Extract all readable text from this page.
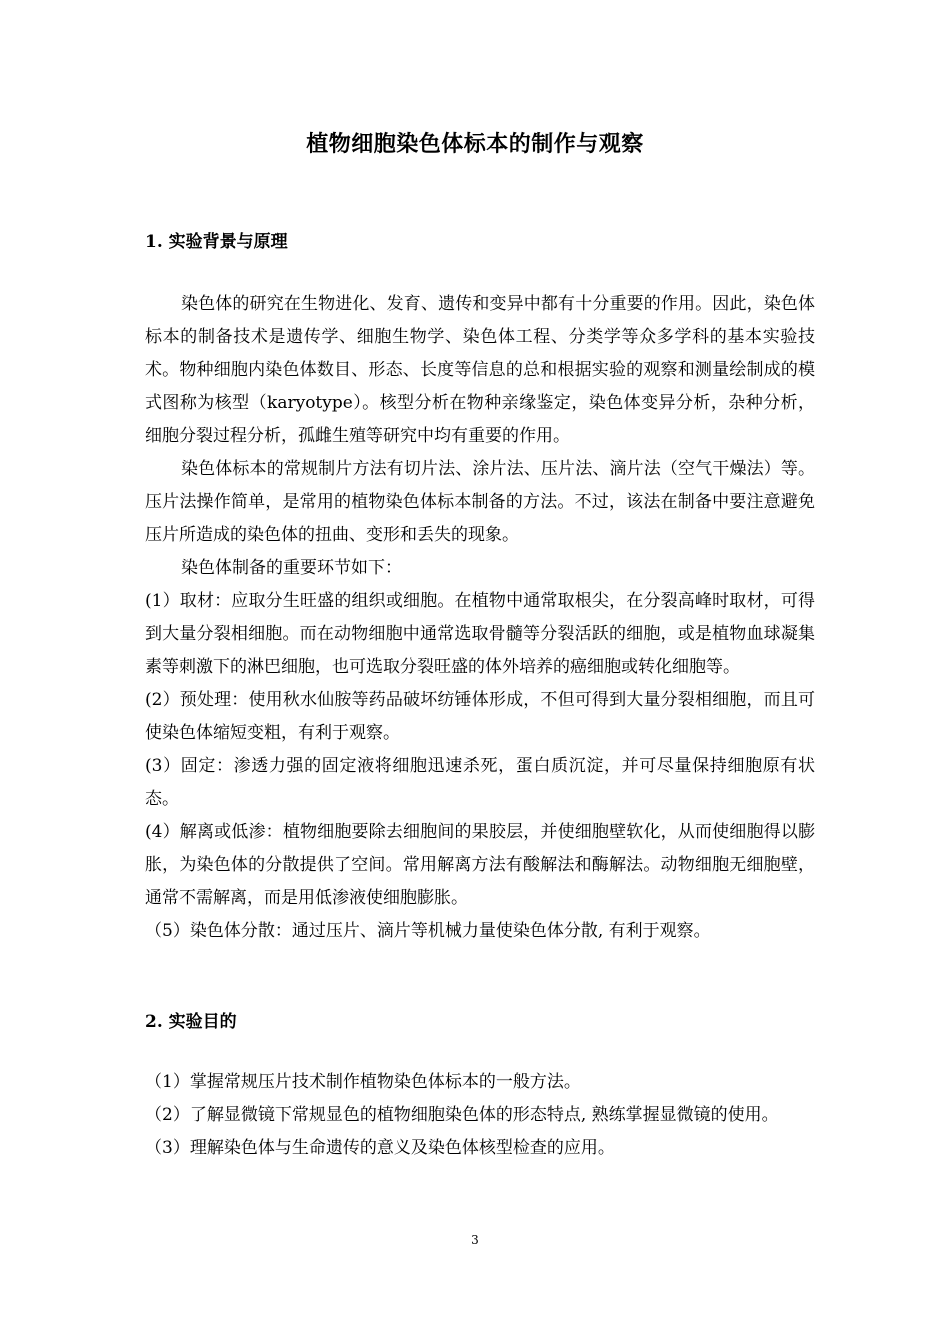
植物细胞染色体标本的制作与观察
1. 实验背景与原理

染色体的研究在生物进化、发育、遗传和变异中都有十分重要的作用。因此，染色体标本的制备技术是遗传学、细胞生物学、染色体工程、分类学等众多学科的基本实验技术。物种细胞内染色体数目、形态、长度等信息的总和根据实验的观察和测量绘制成的模式图称为核型（karyotype）。核型分析在物种亲缘鉴定，染色体变异分析，杂种分析，细胞分裂过程分析，孤雌生殖等研究中均有重要的作用。

染色体标本的常规制片方法有切片法、涂片法、压片法、滴片法（空气干燥法）等。压片法操作简单，是常用的植物染色体标本制备的方法。不过，该法在制备中要注意避免压片所造成的染色体的扭曲、变形和丢失的现象。

染色体制备的重要环节如下：

(1）取材：应取分生旺盛的组织或细胞。在植物中通常取根尖，在分裂高峰时取材，可得到大量分裂相细胞。而在动物细胞中通常选取骨髓等分裂活跃的细胞，或是植物血球凝集素等刺激下的淋巴细胞，也可选取分裂旺盛的体外培养的癌细胞或转化细胞等。

(2）预处理：使用秋水仙胺等药品破坏纺锤体形成，不但可得到大量分裂相细胞，而且可使染色体缩短变粗，有利于观察。

(3）固定：渗透力强的固定液将细胞迅速杀死，蛋白质沉淀，并可尽量保持细胞原有状态。

(4）解离或低渗：植物细胞要除去细胞间的果胶层，并使细胞壁软化，从而使细胞得以膨胀，为染色体的分散提供了空间。常用解离方法有酸解法和酶解法。动物细胞无细胞壁，通常不需解离，而是用低渗液使细胞膨胀。

（5）染色体分散：通过压片、滴片等机械力量使染色体分散, 有利于观察。

2. 实验目的

（1）掌握常规压片技术制作植物染色体标本的一般方法。

（2）了解显微镜下常规显色的植物细胞染色体的形态特点, 熟练掌握显微镜的使用。

（3）理解染色体与生命遗传的意义及染色体核型检查的应用。

3
